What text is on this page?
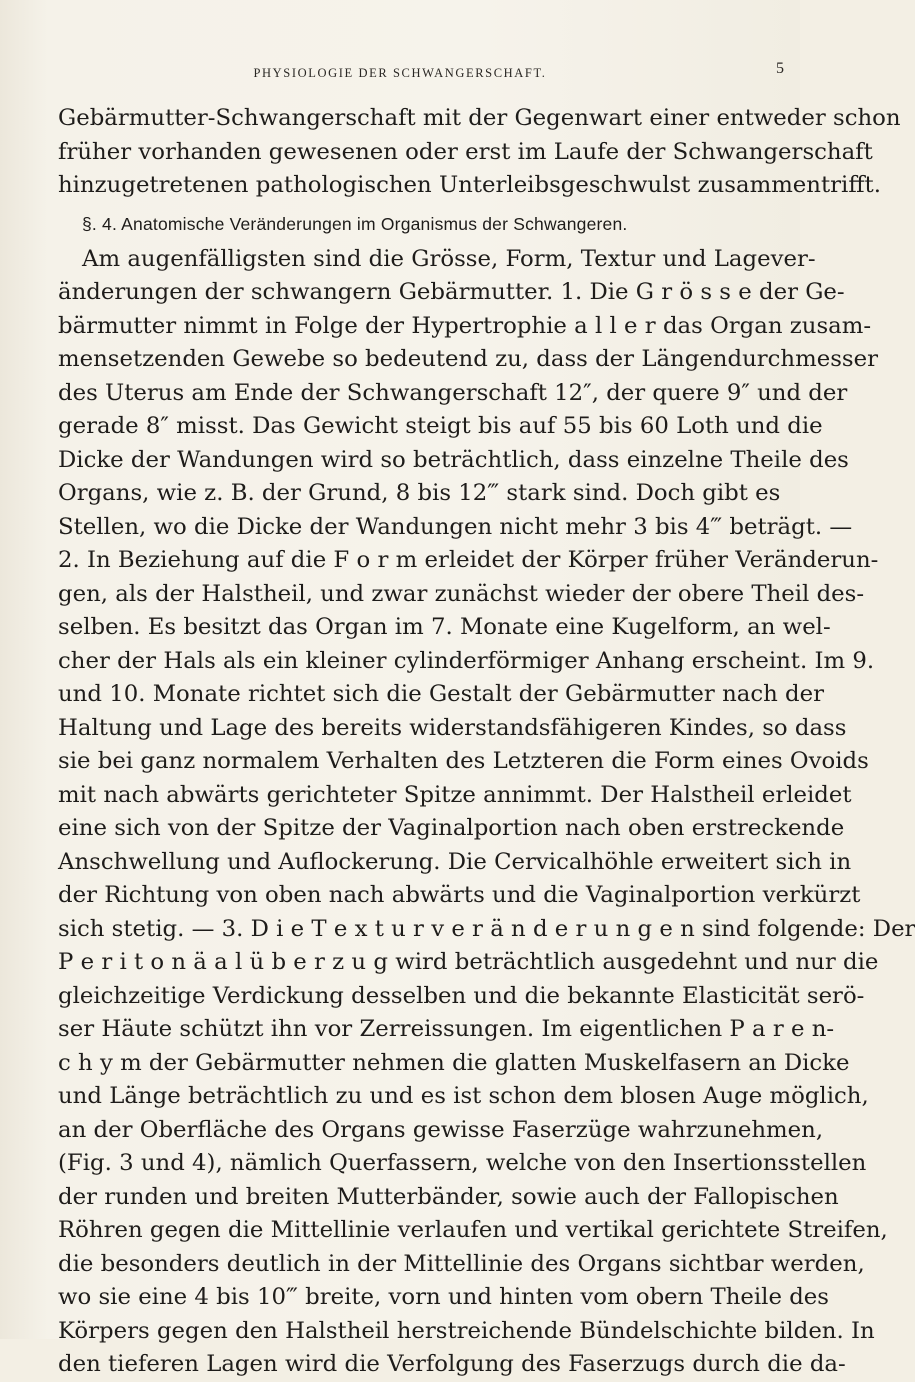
PHYSIOLOGIE DER SCHWANGERSCHAFT.	5
Gebärmutter-Schwangerschaft mit der Gegenwart einer entweder schon
früher vorhanden gewesenen oder erst im Laufe der Schwangerschaft
hinzugetretenen pathologischen Unterleibsgeschwulst zusammentrifft.
§. 4. Anatomische Veränderungen im Organismus der Schwangeren.
Am augenfälligsten sind die Grösse, Form, Textur und Lagever-
änderungen der schwangern Gebärmutter. 1. Die G r ö s s e der Ge-
bärmutter nimmt in Folge der Hypertrophie a l l e r das Organ zusam-
mensetzenden Gewebe so bedeutend zu, dass der Längendurchmesser
des Uterus am Ende der Schwangerschaft 12″, der quere 9″ und der
gerade 8″ misst. Das Gewicht steigt bis auf 55 bis 60 Loth und die
Dicke der Wandungen wird so beträchtlich, dass einzelne Theile des
Organs, wie z. B. der Grund, 8 bis 12‴ stark sind. Doch gibt es
Stellen, wo die Dicke der Wandungen nicht mehr 3 bis 4‴ beträgt. —
2. In Beziehung auf die F o r m erleidet der Körper früher Veränderun-
gen, als der Halstheil, und zwar zunächst wieder der obere Theil des-
selben. Es besitzt das Organ im 7. Monate eine Kugelform, an wel-
cher der Hals als ein kleiner cylinderförmiger Anhang erscheint. Im 9.
und 10. Monate richtet sich die Gestalt der Gebärmutter nach der
Haltung und Lage des bereits widerstandsfähigeren Kindes, so dass
sie bei ganz normalem Verhalten des Letzteren die Form eines Ovoids
mit nach abwärts gerichteter Spitze annimmt. Der Halstheil erleidet
eine sich von der Spitze der Vaginalportion nach oben erstreckende
Anschwellung und Auflockerung. Die Cervicalhöhle erweitert sich in
der Richtung von oben nach abwärts und die Vaginalportion verkürzt
sich stetig. — 3. D i e T e x t u r v e r ä n d e r u n g e n sind folgende: Der
P e r i t o n ä a l ü b e r z u g wird beträchtlich ausgedehnt und nur die
gleichzeitige Verdickung desselben und die bekannte Elasticität serö-
ser Häute schützt ihn vor Zerreissungen. Im eigentlichen P a r e n-
c h y m der Gebärmutter nehmen die glatten Muskelfasern an Dicke
und Länge beträchtlich zu und es ist schon dem blosen Auge möglich,
an der Oberfläche des Organs gewisse Faserzüge wahrzunehmen,
(Fig. 3 und 4), nämlich Querfassern, welche von den Insertionsstellen
der runden und breiten Mutterbänder, sowie auch der Fallopischen
Röhren gegen die Mittellinie verlaufen und vertikal gerichtete Streifen,
die besonders deutlich in der Mittellinie des Organs sichtbar werden,
wo sie eine 4 bis 10‴ breite, vorn und hinten vom obern Theile des
Körpers gegen den Halstheil herstreichende Bündelschichte bilden. In
den tieferen Lagen wird die Verfolgung des Faserzugs durch die da-
